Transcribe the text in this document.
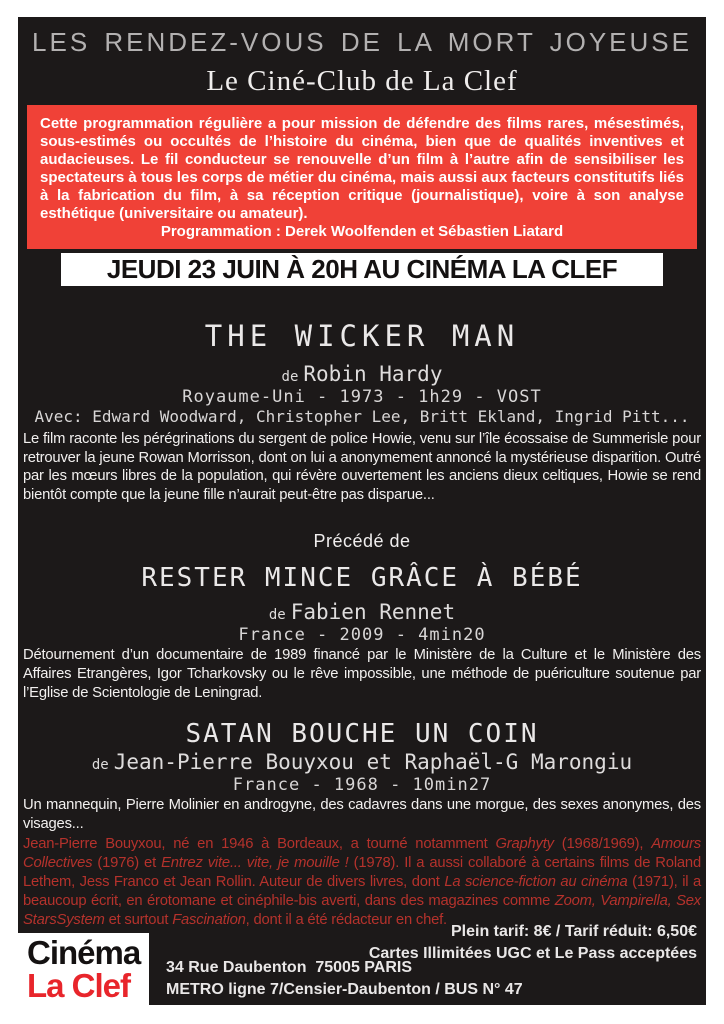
LES RENDEZ-VOUS DE LA MORT JOYEUSE
Le Ciné-Club de La Clef
Cette programmation régulière a pour mission de défendre des films rares, mésestimés, sous-estimés ou occultés de l’histoire du cinéma, bien que de qualités inventives et audacieuses. Le fil conducteur se renouvelle d’un film à l’autre afin de sensibiliser les spectateurs à tous les corps de métier du cinéma, mais aussi aux facteurs constitutifs liés à la fabrication du film, à sa réception critique (journalistique), voire à son analyse esthétique (universitaire ou amateur).
Programmation : Derek Woolfenden et Sébastien Liatard
JEUDI 23 JUIN À 20H AU CINÉMA LA CLEF
THE WICKER MAN
de Robin Hardy
Royaume-Uni - 1973 - 1h29 - VOST
Avec: Edward Woodward, Christopher Lee, Britt Ekland, Ingrid Pitt...
Le film raconte les pérégrinations du sergent de police Howie, venu sur l’île écossaise de Summerisle pour retrouver la jeune Rowan Morrisson, dont on lui a anonymement annoncé la mystérieuse disparition. Outré par les mœurs libres de la population, qui révère ouvertement les anciens dieux celtiques, Howie se rend bientôt compte que la jeune fille n’aurait peut-être pas disparue...
Précédé de
RESTER MINCE GRÂCE À BÉBÉ
de Fabien Rennet
France - 2009 - 4min20
Détournement d’un documentaire de 1989 financé par le Ministère de la Culture et le Ministère des Affaires Etrangères, Igor Tcharkovsky ou le rêve impossible, une méthode de puériculture soutenue par l’Eglise de Scientologie de Leningrad.
SATAN BOUCHE UN COIN
de Jean-Pierre Bouyxou et Raphaël-G Marongiu
France - 1968 - 10min27
Un mannequin, Pierre Molinier en androgyne, des cadavres dans une morgue, des sexes anonymes, des visages...
Jean-Pierre Bouyxou, né en 1946 à Bordeaux, a tourné notamment Graphyty (1968/1969), Amours Collectives (1976) et Entrez vite... vite, je mouille ! (1978). Il a aussi collaboré à certains films de Roland Lethem, Jess Franco et Jean Rollin. Auteur de divers livres, dont La science-fiction au cinéma (1971), il a beaucoup écrit, en érotomane et cinéphile-bis averti, dans des magazines comme Zoom, Vampirella, Sex StarsSystem et surtout Fascination, dont il a été rédacteur en chef.
Plein tarif: 8€ / Tarif réduit: 6,50€
Cartes Illimitées UGC et Le Pass acceptées
Cinéma
La Clef	34 Rue Daubenton  75005 PARIS
METRO ligne 7/Censier-Daubenton / BUS N° 47
